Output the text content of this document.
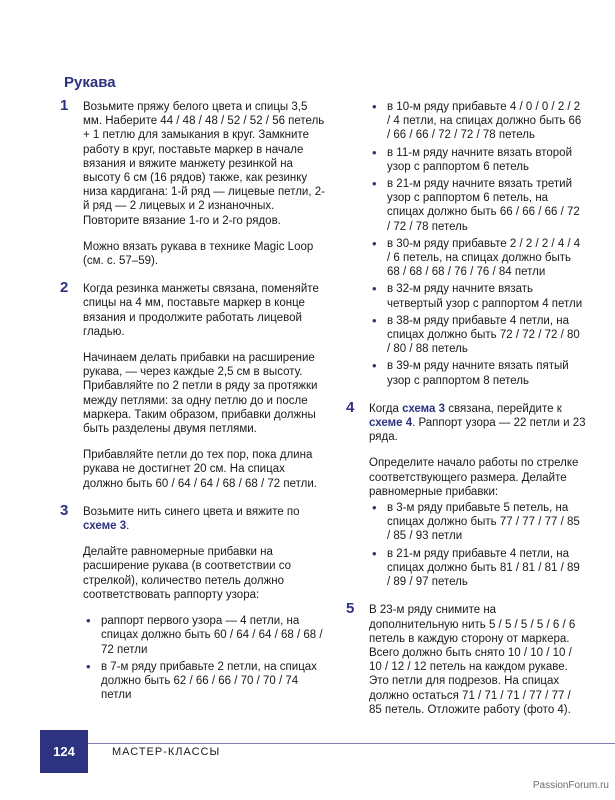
Рукава
1 Возьмите пряжу белого цвета и спицы 3,5 мм. Наберите 44 / 48 / 48 / 52 / 52 / 56 петель + 1 петлю для замыкания в круг. Замкните работу в круг, поставьте маркер в начале вязания и вяжите манжету резинкой на высоту 6 см (16 рядов) также, как резинку низа кардигана: 1-й ряд — лицевые петли, 2-й ряд — 2 лицевых и 2 изнаночных. Повторите вязание 1-го и 2-го рядов.

Можно вязать рукава в технике Magic Loop (см. с. 57–59).

2 Когда резинка манжеты связана, поменяйте спицы на 4 мм, поставьте маркер в конце вязания и продолжите работать лицевой гладью.

Начинаем делать прибавки на расширение рукава, — через каждые 2,5 см в высоту. Прибавляйте по 2 петли в ряду за протяжки между петлями: за одну петлю до и после маркера. Таким образом, прибавки должны быть разделены двумя петлями.

Прибавляйте петли до тех пор, пока длина рукава не достигнет 20 см. На спицах должно быть 60 / 64 / 64 / 68 / 68 / 72 петли.

3 Возьмите нить синего цвета и вяжите по схеме 3.

Делайте равномерные прибавки на расширение рукава (в соответствии со стрелкой), количество петель должно соответствовать раппорту узора:

• раппорт первого узора — 4 петли, на спицах должно быть 60 / 64 / 64 / 68 / 68 / 72 петли
• в 7-м ряду прибавьте 2 петли, на спицах должно быть 62 / 66 / 66 / 70 / 70 / 74 петли
• в 10-м ряду прибавьте 4 / 0 / 0 / 2 / 2 / 4 петли, на спицах должно быть 66 / 66 / 66 / 72 / 72 / 78 петель
• в 11-м ряду начните вязать второй узор с раппортом 6 петель
• в 21-м ряду начните вязать третий узор с раппортом 6 петель, на спицах должно быть 66 / 66 / 66 / 72 / 72 / 78 петель
• в 30-м ряду прибавьте 2 / 2 / 2 / 4 / 4 / 6 петель, на спицах должно быть 68 / 68 / 68 / 76 / 76 / 84 петли
• в 32-м ряду начните вязать четвертый узор с раппортом 4 петли
• в 38-м ряду прибавьте 4 петли, на спицах должно быть 72 / 72 / 72 / 80 / 80 / 88 петель
• в 39-м ряду начните вязать пятый узор с раппортом 8 петель
4 Когда схема 3 связана, перейдите к схеме 4. Раппорт узора — 22 петли и 23 ряда.

Определите начало работы по стрелке соответствующего размера. Делайте равномерные прибавки:

• в 3-м ряду прибавьте 5 петель, на спицах должно быть 77 / 77 / 77 / 85 / 85 / 93 петли
• в 21-м ряду прибавьте 4 петли, на спицах должно быть 81 / 81 / 81 / 89 / 89 / 97 петель
5 В 23-м ряду снимите на дополнительную нить 5 / 5 / 5 / 5 / 6 / 6 петель в каждую сторону от маркера. Всего должно быть снято 10 / 10 / 10 / 10 / 12 / 12 петель на каждом рукаве. Это петли для подрезов. На спицах должно остаться 71 / 71 / 71 / 77 / 77 / 85 петель. Отложите работу (фото 4).

124	МАСТЕР-КЛАССЫ
PassionForum.ru
